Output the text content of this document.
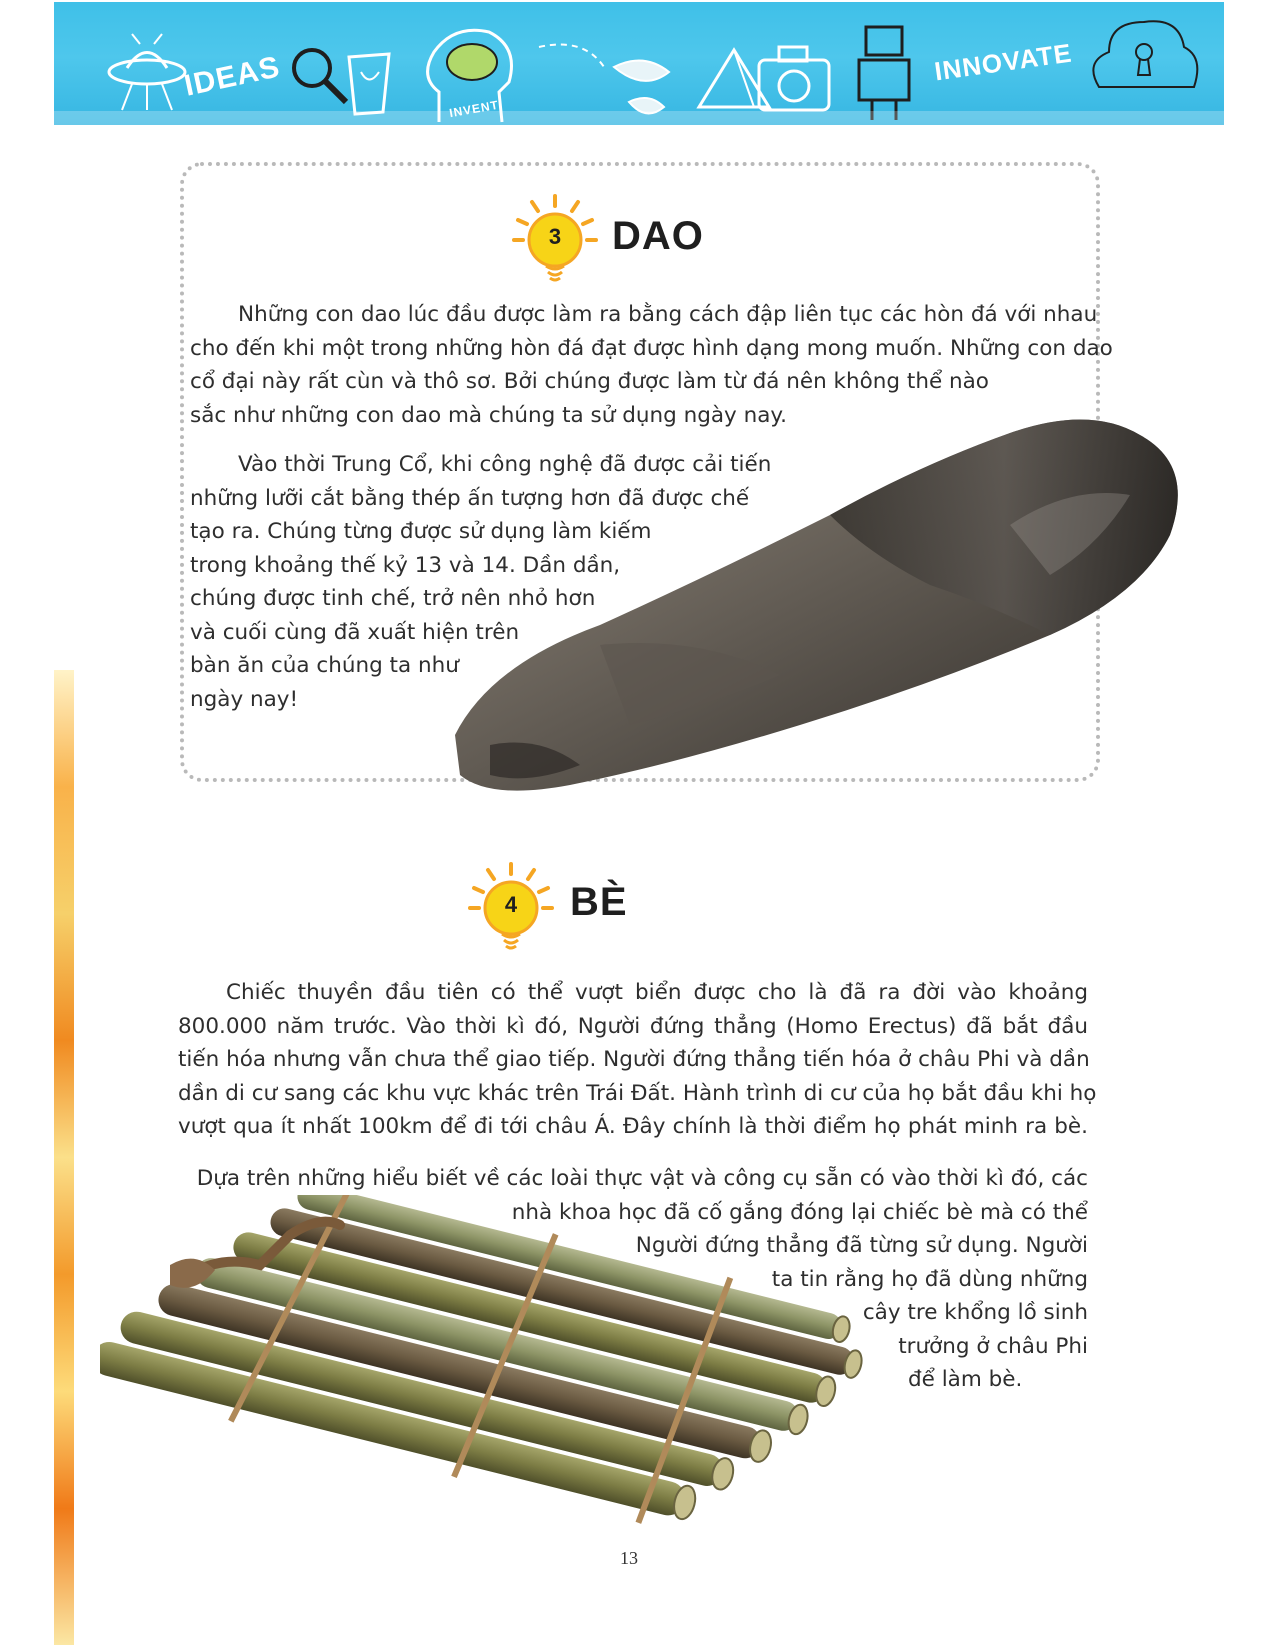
IDEAS
INVENT
INNOVATE
3	DAO
Những con dao lúc đầu được làm ra bằng cách đập liên tục các hòn đá với nhau
cho đến khi một trong những hòn đá đạt được hình dạng mong muốn. Những con dao
cổ đại này rất cùn và thô sơ. Bởi chúng được làm từ đá nên không thể nào
sắc như những con dao mà chúng ta sử dụng ngày nay.
Vào thời Trung Cổ, khi công nghệ đã được cải tiến
những lưỡi cắt bằng thép ấn tượng hơn đã được chế
tạo ra. Chúng từng được sử dụng làm kiếm
trong khoảng thế kỷ 13 và 14. Dần dần,
chúng được tinh chế, trở nên nhỏ hơn
và cuối cùng đã xuất hiện trên
bàn ăn của chúng ta như
ngày nay!
4	BÈ
Chiếc thuyền đầu tiên có thể vượt biển được cho là đã ra đời vào khoảng
800.000 năm trước. Vào thời kì đó, Người đứng thẳng (Homo Erectus) đã bắt đầu
tiến hóa nhưng vẫn chưa thể giao tiếp. Người đứng thẳng tiến hóa ở châu Phi và dần
dần di cư sang các khu vực khác trên Trái Đất. Hành trình di cư của họ bắt đầu khi họ
vượt qua ít nhất 100km để đi tới châu Á. Đây chính là thời điểm họ phát minh ra bè.
Dựa trên những hiểu biết về các loài thực vật và công cụ sẵn có vào thời kì đó, các
nhà khoa học đã cố gắng đóng lại chiếc bè mà có thể
Người đứng thẳng đã từng sử dụng. Người
ta tin rằng họ đã dùng những
cây tre khổng lồ sinh
trưởng ở châu Phi
để làm bè.
13
